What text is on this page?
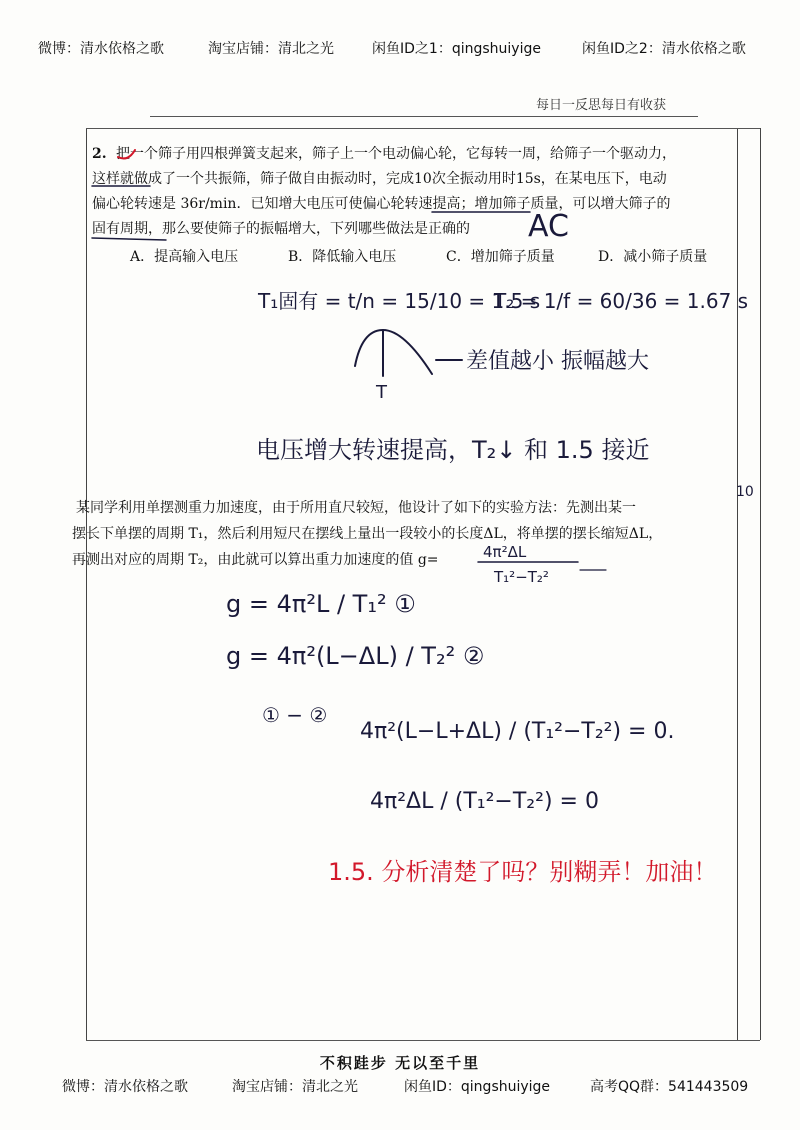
微博：清水依格之歌	淘宝店铺：清北之光	闲鱼ID之1：qingshuiyige	闲鱼ID之2：清水依格之歌
每日一反思每日有收获
2. 把一个筛子用四根弹簧支起来，筛子上一个电动偏心轮，它每转一周，给筛子一个驱动力，
这样就做成了一个共振筛，筛子做自由振动时，完成10次全振动用时15s，在某电压下，电动
偏心轮转速是 36r/min．已知增大电压可使偏心轮转速提高；增加筛子质量，可以增大筛子的
固有周期，那么要使筛子的振幅增大，下列哪些做法是正确的
A．提高输入电压	B．降低输入电压	C．增加筛子质量	D．减小筛子质量
某同学利用单摆测重力加速度，由于所用直尺较短，他设计了如下的实验方法：先测出某一
摆长下单摆的周期 T₁，然后利用短尺在摆线上量出一段较小的长度ΔL，将单摆的摆长缩短ΔL，
再测出对应的周期 T₂，由此就可以算出重力加速度的值 g=
AC
T₁固有 = t/n = 15/10 = 1.5 s
T₂ = 1/f = 60/36 = 1.67 s
T
差值越小 振幅越大
电压增大转速提高，T₂↓ 和 1.5 接近
4π²ΔL
T₁²−T₂²
10
g = 4π²L / T₁² ①
g = 4π²(L−ΔL) / T₂² ②
① − ②
4π²(L−L+ΔL) / (T₁²−T₂²) = 0.
4π²ΔL / (T₁²−T₂²) = 0
1.5. 分析清楚了吗？别糊弄！加油！
不积跬步 无以至千里
微博：清水依格之歌	淘宝店铺：清北之光	闲鱼ID：qingshuiyige	高考QQ群：541443509
